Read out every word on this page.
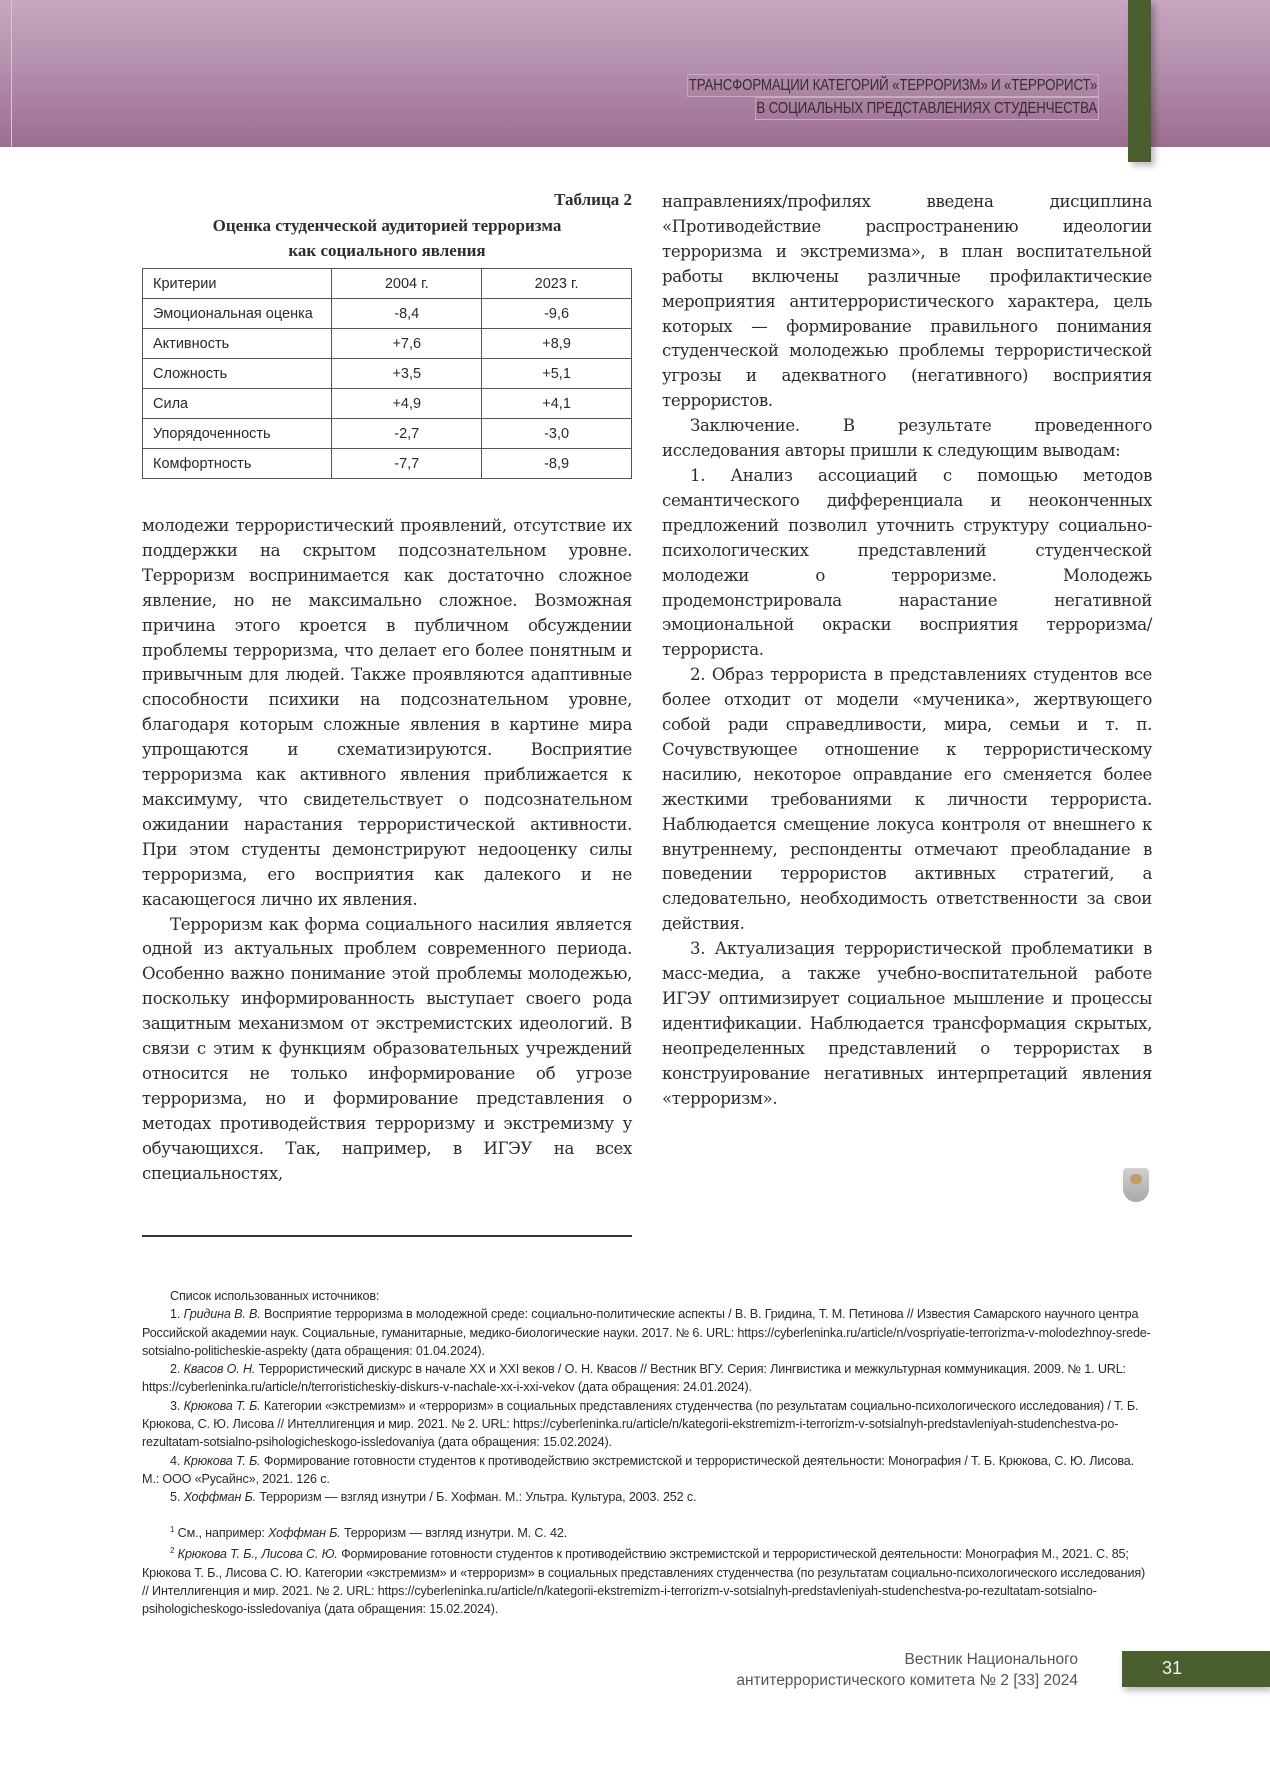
ТРАНСФОРМАЦИИ КАТЕГОРИЙ «ТЕРРОРИЗМ» И «ТЕРРОРИСТ»
В СОЦИАЛЬНЫХ ПРЕДСТАВЛЕНИЯХ СТУДЕНЧЕСТВА
Таблица 2
Оценка студенческой аудиторией терроризма
как социального явления
Критерии	2004 г.	2023 г.
Эмоциональная оценка	-8,4	-9,6
Активность	+7,6	+8,9
Сложность	+3,5	+5,1
Сила	+4,9	+4,1
Упорядоченность	-2,7	-3,0
Комфортность	-7,7	-8,9

молодежи террористический проявлений, отсутствие их поддержки на скрытом подсознательном уровне. Терроризм воспринимается как достаточно сложное явление, но не максимально сложное. Возможная причина этого кроется в публичном обсуждении проблемы терроризма, что делает его более понятным и привычным для людей. Также проявляются адаптивные способности психики на подсознательном уровне, благодаря которым сложные явления в картине мира упрощаются и схематизируются. Восприятие терроризма как активного явления приближается к максимуму, что свидетельствует о подсознательном ожидании нарастания террористической активности. При этом студенты демонстрируют недооценку силы терроризма, его восприятия как далекого и не касающегося лично их явления.

Терроризм как форма социального насилия является одной из актуальных проблем современного периода. Особенно важно понимание этой проблемы молодежью, поскольку информированность выступает своего рода защитным механизмом от экстремистских идеологий. В связи с этим к функциям образовательных учреждений относится не только информирование об угрозе терроризма, но и формирование представления о методах противодействия терроризму и экстремизму у обучающихся. Так, например, в ИГЭУ на всех специальностях,

направлениях/профилях введена дисциплина «Противодействие распространению идеологии терроризма и экстремизма», в план воспитательной работы включены различные профилактические мероприятия антитеррористического характера, цель которых — формирование правильного понимания студенческой молодежью проблемы террористической угрозы и адекватного (негативного) восприятия террористов.

Заключение. В результате проведенного исследования авторы пришли к следующим выводам:

1. Анализ ассоциаций с помощью методов семантического дифференциала и неоконченных предложений позволил уточнить структуру социально-психологических представлений студенческой молодежи о терроризме. Молодежь продемонстрировала нарастание негативной эмоциональной окраски восприятия терроризма/террориста.

2. Образ террориста в представлениях студентов все более отходит от модели «мученика», жертвующего собой ради справедливости, мира, семьи и т. п. Сочувствующее отношение к террористическому насилию, некоторое оправдание его сменяется более жесткими требованиями к личности террориста. Наблюдается смещение локуса контроля от внешнего к внутреннему, респонденты отмечают преобладание в поведении террористов активных стратегий, а следовательно, необходимость ответственности за свои действия.

3. Актуализация террористической проблематики в масс-медиа, а также учебно-воспитательной работе ИГЭУ оптимизирует социальное мышление и процессы идентификации. Наблюдается трансформация скрытых, неопределенных представлений о террористах в конструирование негативных интерпретаций явления «терроризм».

Список использованных источников:

1. Гридина В. В. Восприятие терроризма в молодежной среде: социально-политические аспекты / В. В. Гридина, Т. М. Петинова // Известия Самарского научного центра Российской академии наук. Социальные, гуманитарные, медико-биологические науки. 2017. № 6. URL: https://cyberleninka.ru/article/n/vospriyatie-terrorizma-v-molodezhnoy-srede-sotsialno-politicheskie-aspekty (дата обращения: 01.04.2024).

2. Квасов О. Н. Террористический дискурс в начале XX и XXI веков / О. Н. Квасов // Вестник ВГУ. Серия: Лингвистика и межкультурная коммуникация. 2009. № 1. URL: https://cyberleninka.ru/article/n/terroristicheskiy-diskurs-v-nachale-xx-i-xxi-vekov (дата обращения: 24.01.2024).

3. Крюкова Т. Б. Категории «экстремизм» и «терроризм» в социальных представлениях студенчества (по результатам социально-психологического исследования) / Т. Б. Крюкова, С. Ю. Лисова // Интеллигенция и мир. 2021. № 2. URL: https://cyberleninka.ru/article/n/kategorii-ekstremizm-i-terrorizm-v-sotsialnyh-predstavleniyah-studenchestva-po-rezultatam-sotsialno-psihologicheskogo-issledovaniya (дата обращения: 15.02.2024).

4. Крюкова Т. Б. Формирование готовности студентов к противодействию экстремистской и террористической деятельности: Монография / Т. Б. Крюкова, С. Ю. Лисова. М.: ООО «Русайнс», 2021. 126 с.

5. Хоффман Б. Терроризм — взгляд изнутри / Б. Хофман. М.: Ультра. Культура, 2003. 252 с.

$^1$ См., например: Хоффман Б. Терроризм — взгляд изнутри. М. С. 42.

$^2$ Крюкова Т. Б., Лисова С. Ю. Формирование готовности студентов к противодействию экстремистской и террористической деятельности: Монография М., 2021. С. 85; Крюкова Т. Б., Лисова С. Ю. Категории «экстремизм» и «терроризм» в социальных представлениях студенчества (по результатам социально-психологического исследования) // Интеллигенция и мир. 2021. № 2. URL: https://cyberleninka.ru/article/n/kategorii-ekstremizm-i-terrorizm-v-sotsialnyh-predstavleniyah-studenchestva-po-rezultatam-sotsialno-psihologicheskogo-issledovaniya (дата обращения: 15.02.2024).

Вестник Национального
антитеррористического комитета № 2 [33] 2024
31
